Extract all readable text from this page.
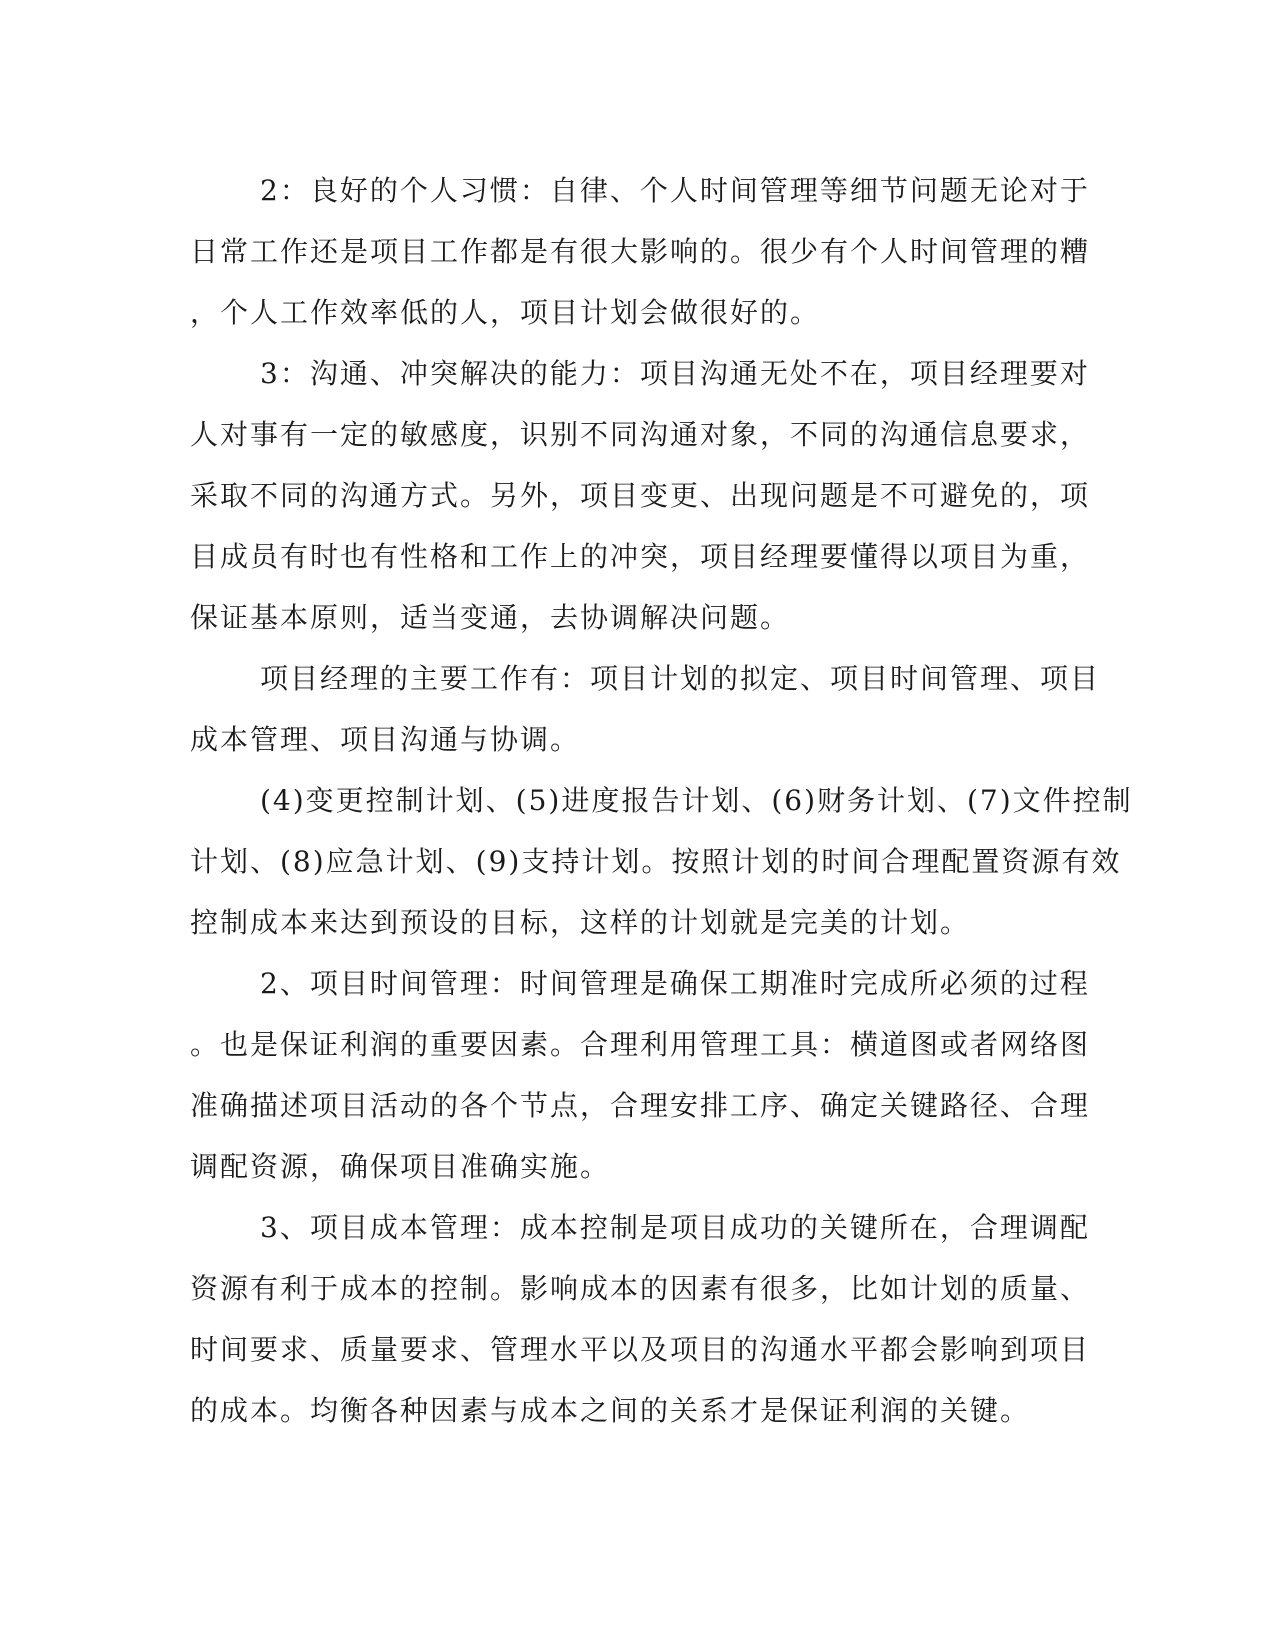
2：良好的个人习惯：自律、个人时间管理等细节问题无论对于
日常工作还是项目工作都是有很大影响的。很少有个人时间管理的糟
，个人工作效率低的人，项目计划会做很好的。
3：沟通、冲突解决的能力：项目沟通无处不在，项目经理要对
人对事有一定的敏感度，识别不同沟通对象，不同的沟通信息要求，
采取不同的沟通方式。另外，项目变更、出现问题是不可避免的，项
目成员有时也有性格和工作上的冲突，项目经理要懂得以项目为重，
保证基本原则，适当变通，去协调解决问题。
项目经理的主要工作有：项目计划的拟定、项目时间管理、项目
成本管理、项目沟通与协调。
(4)变更控制计划、(5)进度报告计划、(6)财务计划、(7)文件控制
计划、(8)应急计划、(9)支持计划。按照计划的时间合理配置资源有效
控制成本来达到预设的目标，这样的计划就是完美的计划。
2、项目时间管理：时间管理是确保工期准时完成所必须的过程
。也是保证利润的重要因素。合理利用管理工具：横道图或者网络图
准确描述项目活动的各个节点，合理安排工序、确定关键路径、合理
调配资源，确保项目准确实施。
3、项目成本管理：成本控制是项目成功的关键所在，合理调配
资源有利于成本的控制。影响成本的因素有很多，比如计划的质量、
时间要求、质量要求、管理水平以及项目的沟通水平都会影响到项目
的成本。均衡各种因素与成本之间的关系才是保证利润的关键。
